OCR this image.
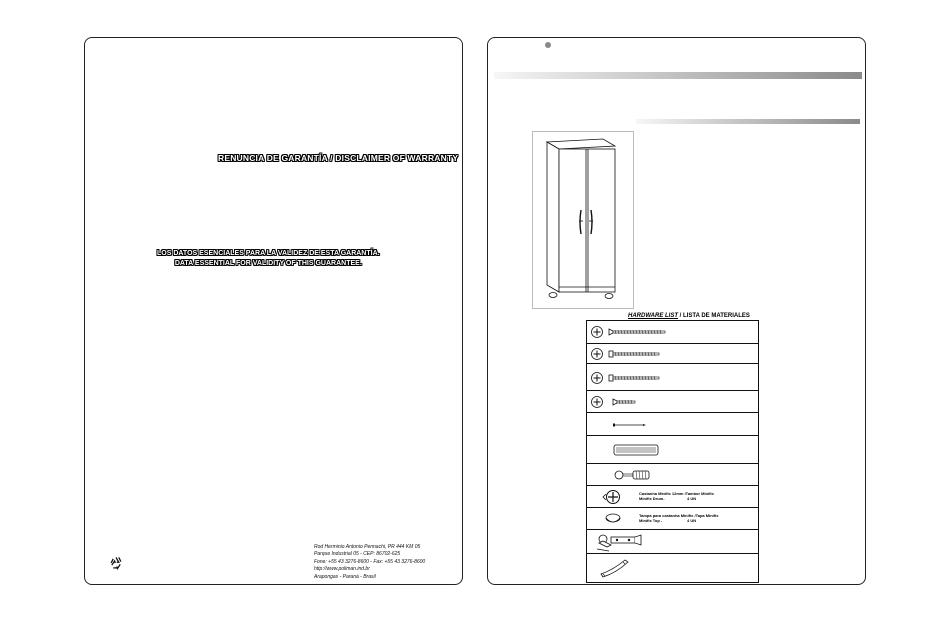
RENUNCIA DE GARANTÍA / DISCLAIMER OF WARRANTY
LOS DATOS ESENCIALES PARA LA VALIDEZ DE ESTA GARANTÍA.
DATA ESSENTIAL FOR VALIDITY OF THIS GUARANTEE.
Rod Herminio Antonio Pennachi, PR 444 KM 05
Parque Industrial 05 - CEP: 86702-625
Fone: +55 43 3276-8600 - Fax: +55 43 3276-8600
http://www.poliman.ind.br
Arapongas - Paraná - Brasil
HARDWARE LIST / LISTA DE MATERIALES
Castanha Minifix 12mm /Tambor Minifix
Minifix Drum-	4 UN
Tampa para castanha Minifix /Tapa Minifix
Minifix Top -	4 UN
